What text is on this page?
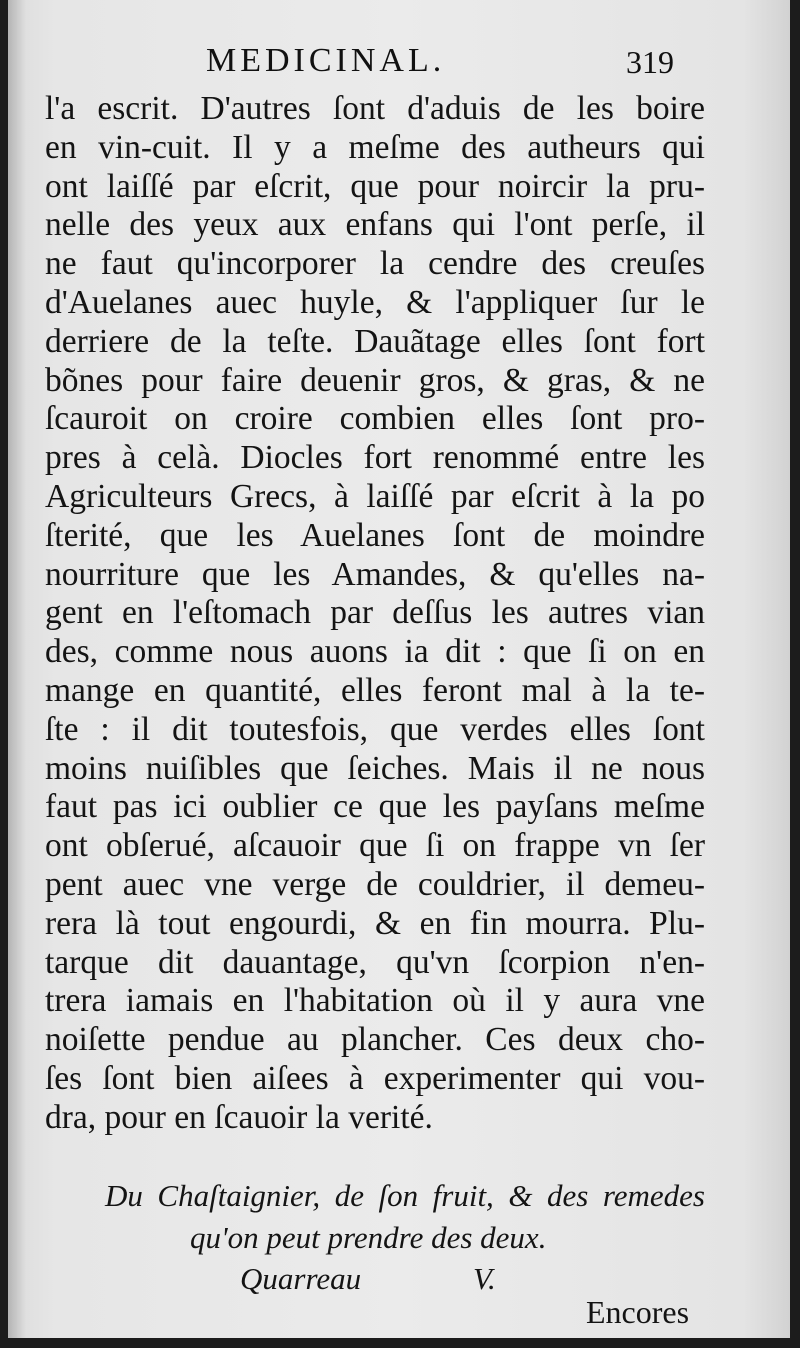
MEDICINAL.	319
l'a escrit. D'autres ſont d'aduis de les boire
en vin-cuit. Il y a meſme des autheurs qui
ont laiſſé par eſcrit, que pour noircir la pru-
nelle des yeux aux enfans qui l'ont perſe, il
ne faut qu'incorporer la cendre des creuſes
d'Auelanes auec huyle, & l'appliquer ſur le
derriere de la teſte. Dauãtage elles ſont fort
bõnes pour faire deuenir gros, & gras, & ne
ſcauroit on croire combien elles ſont pro-
pres à celà. Diocles fort renommé entre les
Agriculteurs Grecs, à laiſſé par eſcrit à la po
ſterité, que les Auelanes ſont de moindre
nourriture que les Amandes, & qu'elles na-
gent en l'eſtomach par deſſus les autres vian
des, comme nous auons ia dit : que ſi on en
mange en quantité, elles feront mal à la te-
ſte : il dit toutesfois, que verdes elles ſont
moins nuiſibles que ſeiches. Mais il ne nous
faut pas ici oublier ce que les payſans meſme
ont obſerué, aſcauoir que ſi on frappe vn ſer
pent auec vne verge de couldrier, il demeu-
rera là tout engourdi, & en fin mourra. Plu-
tarque dit dauantage, qu'vn ſcorpion n'en-
trera iamais en l'habitation où il y aura vne
noiſette pendue au plancher. Ces deux cho-
ſes ſont bien aiſees à experimenter qui vou-
dra, pour en ſcauoir la verité.
Du Chaſtaignier, de ſon fruit, & des remedes
qu'on peut prendre des deux.
Quarreau	V.
Encores
